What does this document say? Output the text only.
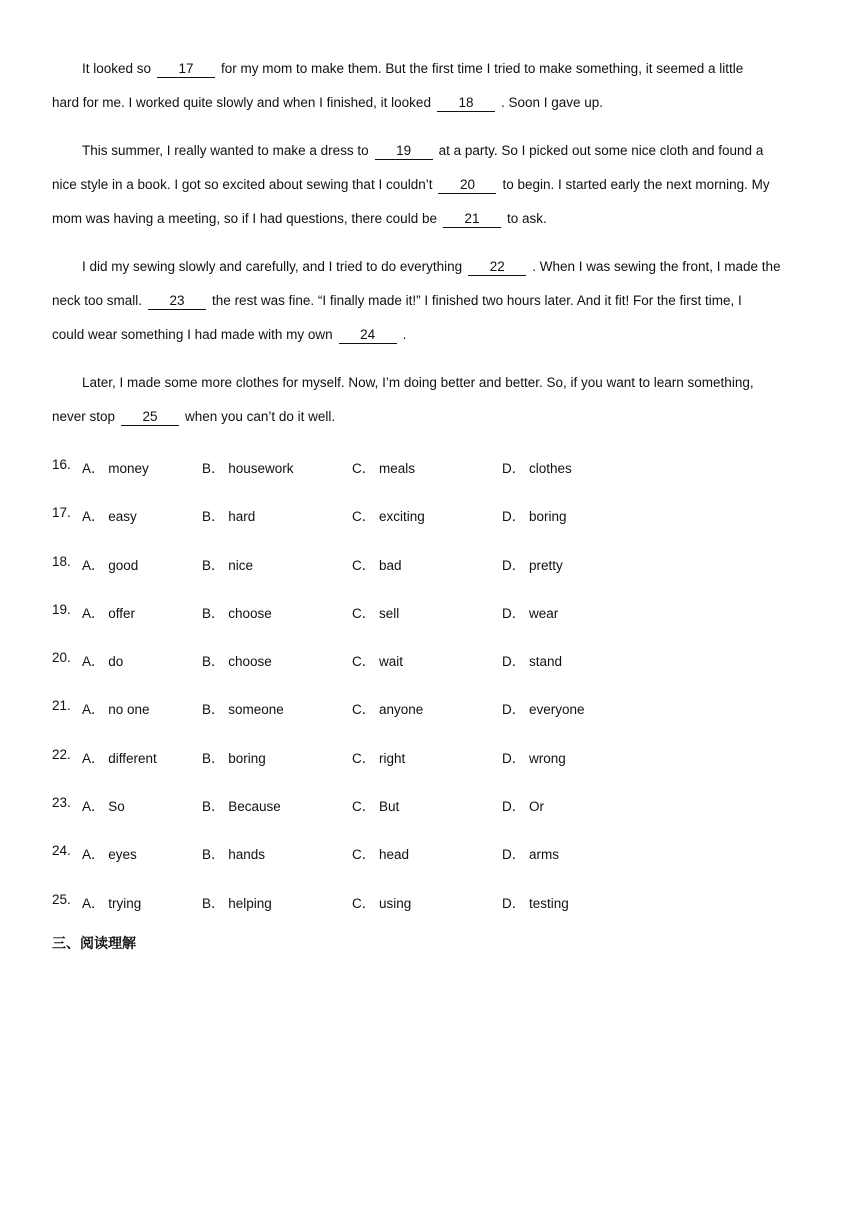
It looked so 17 for my mom to make them. But the first time I tried to make something, it seemed a little
hard for me. I worked quite slowly and when I finished, it looked 18 . Soon I gave up.
This summer, I really wanted to make a dress to 19 at a party. So I picked out some nice cloth and found a
nice style in a book. I got so excited about sewing that I couldn’t 20 to begin. I started early the next morning. My
mom was having a meeting, so if I had questions, there could be 21 to ask.
I did my sewing slowly and carefully, and I tried to do everything 22 . When I was sewing the front, I made the
neck too small. 23 the rest was fine. “I finally made it!” I finished two hours later. And it fit! For the first time, I
could wear something I had made with my own 24 .
Later, I made some more clothes for myself. Now, I’m doing better and better. So, if you want to learn something,
never stop 25 when you can’t do it well.
16. A． money	B． housework	C． meals	D． clothes
17. A． easy	B． hard	C． exciting	D． boring
18. A． good	B． nice	C． bad	D． pretty
19. A． offer	B． choose	C． sell	D． wear
20. A． do	B． choose	C． wait	D． stand
21. A． no one	B． someone	C． anyone	D． everyone
22. A． different	B． boring	C． right	D． wrong
23. A． So	B． Because	C． But	D． Or
24. A． eyes	B． hands	C． head	D． arms
25. A． trying	B． helping	C． using	D． testing
三、阅读理解
